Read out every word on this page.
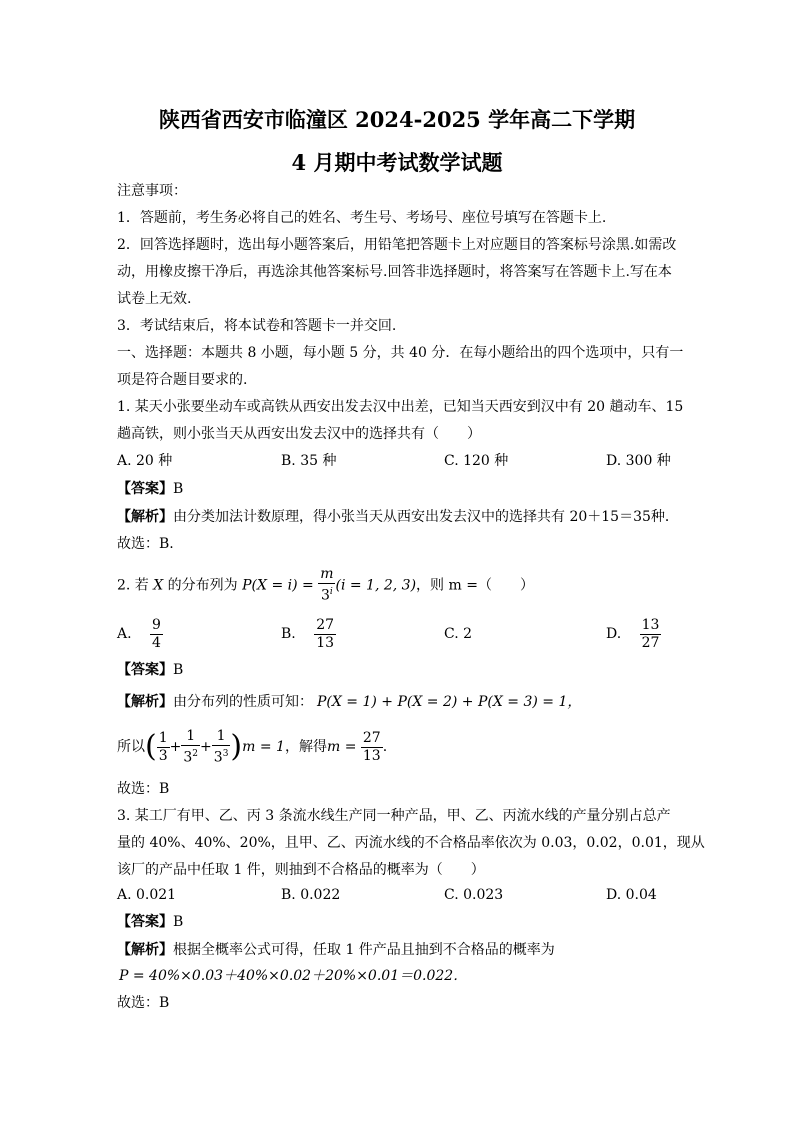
陕西省西安市临潼区 2024-2025 学年高二下学期
4 月期中考试数学试题
注意事项：
1．答题前，考生务必将自己的姓名、考生号、考场号、座位号填写在答题卡上.
2．回答选择题时，选出每小题答案后，用铅笔把答题卡上对应题目的答案标号涂黑.如需改
动，用橡皮擦干净后，再选涂其他答案标号.回答非选择题时，将答案写在答题卡上.写在本
试卷上无效.
3．考试结束后，将本试卷和答题卡一并交回.
一、选择题：本题共 8 小题，每小题 5 分，共 40 分．在每小题给出的四个选项中，只有一
项是符合题目要求的.
1. 某天小张要坐动车或高铁从西安出发去汉中出差，已知当天西安到汉中有 20 趟动车、15
趟高铁，则小张当天从西安出发去汉中的选择共有（　　）
A. 20 种	B. 35 种	C. 120 种	D. 300 种
【答案】B
【解析】由分类加法计数原理，得小张当天从西安出发去汉中的选择共有 20＋15＝35种．
故选：B.
2. 若 X 的分布列为 $P(X = i) = \frac{m}{3^i} (i = 1$, 2, 3)，则 m =（　　）
A. $\frac{9}{4}$	B. $\frac{27}{13}$	C. 2	D. $\frac{13}{27}$
【答案】B
【解析】由分布列的性质可知： P(X = 1) + P(X = 2) + P(X = 3) = 1，
所以( $\frac{1}{3} + \frac{1}{3^2} + \frac{1}{3^3} )m = 1$，解得$m = \frac{27}{13}$ .
故选：B
3. 某工厂有甲、乙、丙 3 条流水线生产同一种产品，甲、乙、丙流水线的产量分别占总产
量的 40%、40%、20%，且甲、乙、丙流水线的不合格品率依次为 0.03，0.02，0.01，现从
该厂的产品中任取 1 件，则抽到不合格品的概率为（　　）
A. 0.021	B. 0.022	C. 0.023	D. 0.04
【答案】B
【解析】根据全概率公式可得，任取 1 件产品且抽到不合格品的概率为
P = 40%×0.03＋40%×0.02＋20%×0.01＝0.022．
故选：B
